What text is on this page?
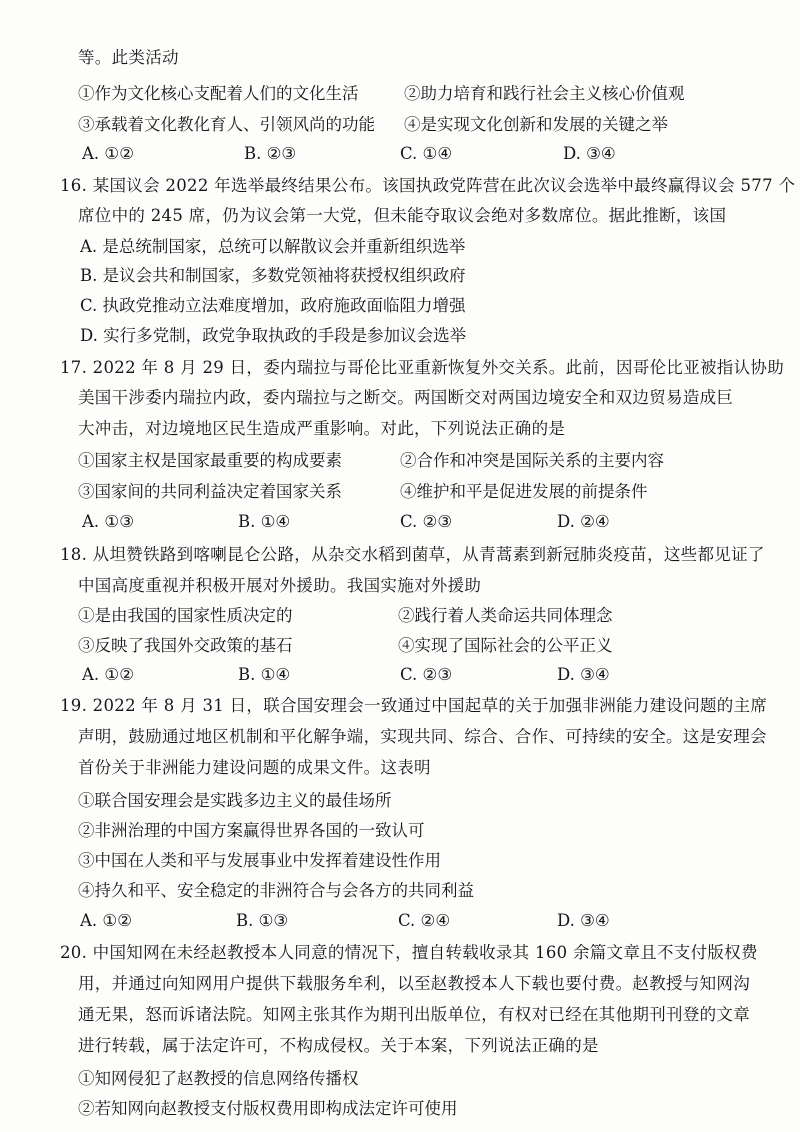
等。此类活动
①作为文化核心支配着人们的文化生活	②助力培育和践行社会主义核心价值观
③承载着文化教化育人、引领风尚的功能 ④是实现文化创新和发展的关键之举
A. ①②	B. ②③	C. ①④	D. ③④
16. 某国议会 2022 年选举最终结果公布。该国执政党阵营在此次议会选举中最终赢得议会 577 个
席位中的 245 席，仍为议会第一大党，但未能夺取议会绝对多数席位。据此推断，该国
A. 是总统制国家，总统可以解散议会并重新组织选举
B. 是议会共和制国家，多数党领袖将获授权组织政府
C. 执政党推动立法难度增加，政府施政面临阻力增强
D. 实行多党制，政党争取执政的手段是参加议会选举
17. 2022 年 8 月 29 日，委内瑞拉与哥伦比亚重新恢复外交关系。此前，因哥伦比亚被指认协助
美国干涉委内瑞拉内政，委内瑞拉与之断交。两国断交对两国边境安全和双边贸易造成巨
大冲击，对边境地区民生造成严重影响。对此，下列说法正确的是
①国家主权是国家最重要的构成要素	②合作和冲突是国际关系的主要内容
③国家间的共同利益决定着国家关系	④维护和平是促进发展的前提条件
A. ①③	B. ①④	C. ②③	D. ②④
18. 从坦赞铁路到喀喇昆仑公路，从杂交水稻到菌草，从青蒿素到新冠肺炎疫苗，这些都见证了
中国高度重视并积极开展对外援助。我国实施对外援助
①是由我国的国家性质决定的	②践行着人类命运共同体理念
③反映了我国外交政策的基石	④实现了国际社会的公平正义
A. ①②	B. ①④	C. ②③	D. ③④
19. 2022 年 8 月 31 日，联合国安理会一致通过中国起草的关于加强非洲能力建设问题的主席
声明，鼓励通过地区机制和平化解争端，实现共同、综合、合作、可持续的安全。这是安理会
首份关于非洲能力建设问题的成果文件。这表明
①联合国安理会是实践多边主义的最佳场所
②非洲治理的中国方案赢得世界各国的一致认可
③中国在人类和平与发展事业中发挥着建设性作用
④持久和平、安全稳定的非洲符合与会各方的共同利益
A. ①②	B. ①③	C. ②④	D. ③④
20. 中国知网在未经赵教授本人同意的情况下，擅自转载收录其 160 余篇文章且不支付版权费
用，并通过向知网用户提供下载服务牟利，以至赵教授本人下载也要付费。赵教授与知网沟
通无果，怒而诉诸法院。知网主张其作为期刊出版单位，有权对已经在其他期刊刊登的文章
进行转载，属于法定许可，不构成侵权。关于本案，下列说法正确的是
①知网侵犯了赵教授的信息网络传播权
②若知网向赵教授支付版权费用即构成法定许可使用
